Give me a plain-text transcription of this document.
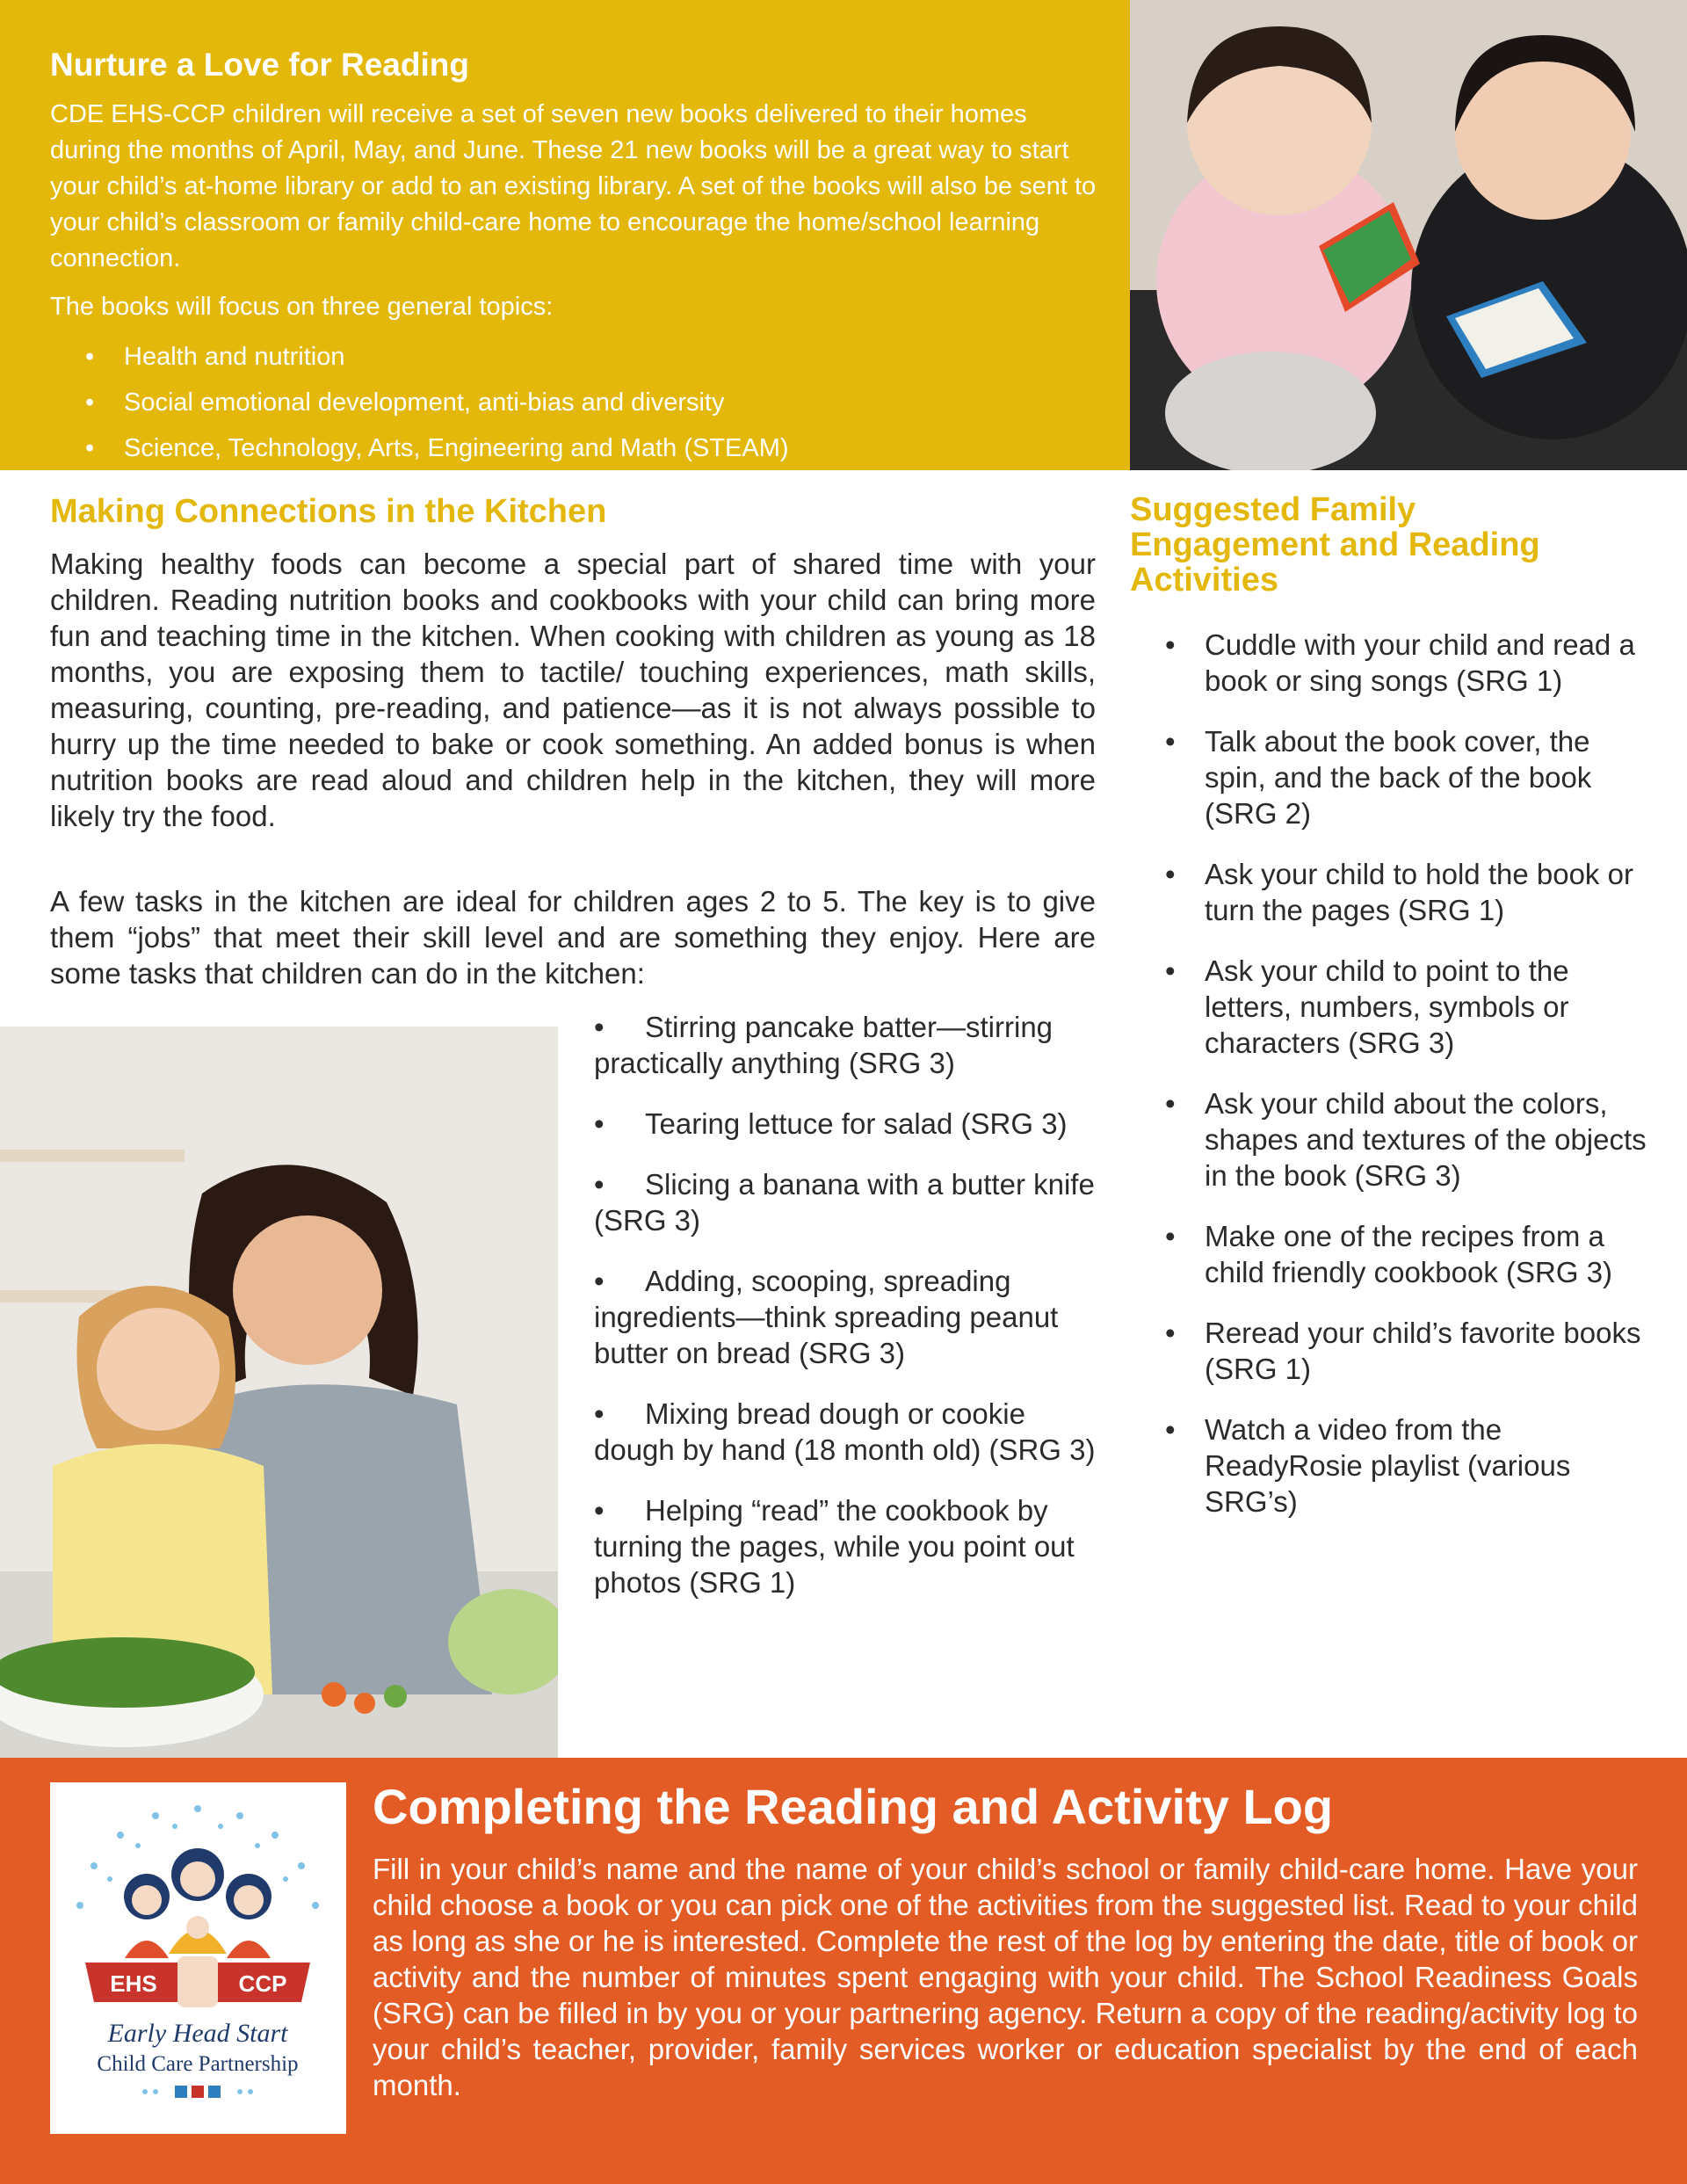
Nurture a Love for Reading

CDE EHS-CCP children will receive a set of seven new books delivered to their homes during the months of April, May, and June. These 21 new books will be a great way to start your child’s at-home library or add to an existing library. A set of the books will also be sent to your child’s classroom or family child-care home to encourage the home/school learning connection.

The books will focus on three general topics:

• Health and nutrition
• Social emotional development, anti-bias and diversity
• Science, Technology, Arts, Engineering and Math (STEAM)
Making Connections in the Kitchen

Making healthy foods can become a special part of shared time with your children. Reading nutrition books and cookbooks with your child can bring more fun and teaching time in the kitchen. When cooking with children as young as 18 months, you are exposing them to tactile/ touching experiences, math skills, measuring, counting, pre-reading, and patience—as it is not always possible to hurry up the time needed to bake or cook something. An added bonus is when nutrition books are read aloud and children help in the kitchen, they will more likely try the food.

A few tasks in the kitchen are ideal for children ages 2 to 5. The key is to give them “jobs” that meet their skill level and are something they enjoy. Here are some tasks that children can do in the kitchen:

• Stirring pancake batter—stirring practically anything (SRG 3)
• Tearing lettuce for salad (SRG 3)
• Slicing a banana with a butter knife (SRG 3)
• Adding, scooping, spreading ingredients—think spreading peanut butter on bread (SRG 3)
• Mixing bread dough or cookie dough by hand (18 month old) (SRG 3)
• Helping “read” the cookbook by turning the pages, while you point out photos (SRG 1)
Suggested Family Engagement and Reading Activities
• Cuddle with your child and read a book or sing songs (SRG 1)
• Talk about the book cover, the spin, and the back of the book (SRG 2)
• Ask your child to hold the book or turn the pages (SRG 1)
• Ask your child to point to the letters, numbers, symbols or characters (SRG 3)
• Ask your child about the colors, shapes and textures of the objects in the book (SRG 3)
• Make one of the recipes from a child friendly cookbook (SRG 3)
• Reread your child’s favorite books (SRG 1)
• Watch a video from the ReadyRosie playlist (various SRG’s)
EHS	CCP
Early Head Start
Child Care Partnership
Completing the Reading and Activity Log

Fill in your child’s name and the name of your child’s school or family child-care home. Have your child choose a book or you can pick one of the activities from the suggested list. Read to your child as long as she or he is interested. Complete the rest of the log by entering the date, title of book or activity and the number of minutes spent engaging with your child. The School Readiness Goals (SRG) can be filled in by you or your partnering agency. Return a copy of the reading/activity log to your child’s teacher, provider, family services worker or education specialist by the end of each month.
